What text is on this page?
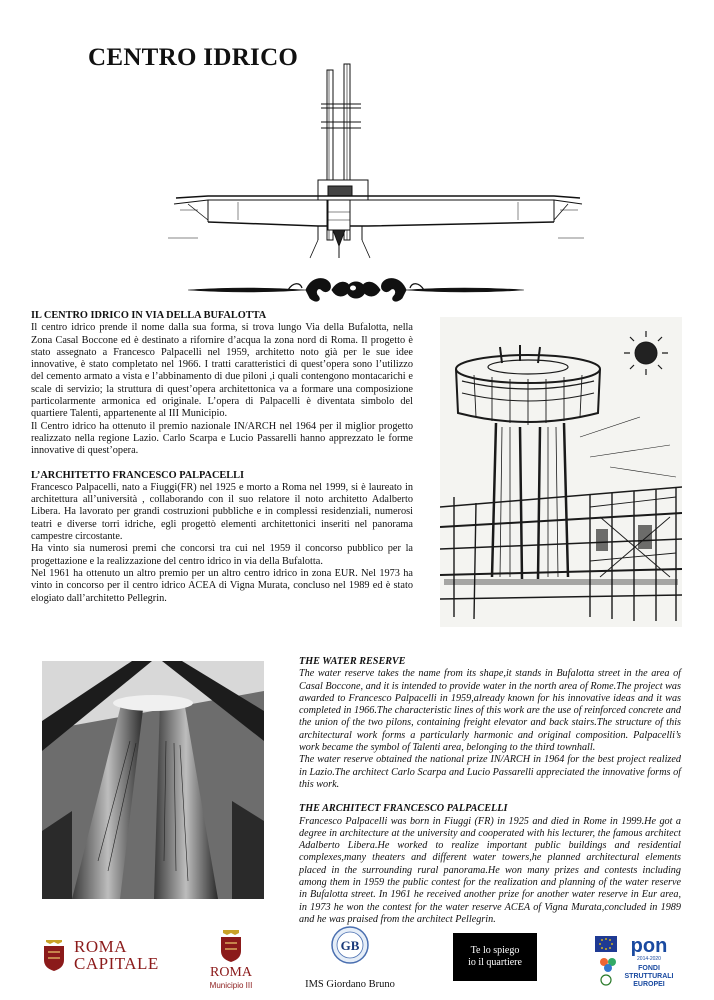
CENTRO IDRICO
IL CENTRO IDRICO IN VIA DELLA BUFALOTTA

Il centro idrico prende il nome dalla sua forma, si trova lungo Via della Bufalotta, nella Zona Casal Boccone ed è destinato a rifornire d’acqua la zona nord di Roma. Il progetto è stato assegnato a Francesco Palpacelli nel 1959, architetto noto già per le sue idee innovative, è stato completato nel 1966. I tratti caratteristici di quest’opera sono l’utilizzo del cemento armato a vista e l’abbinamento di due piloni ,i quali contengono montacarichi e scale di servizio; la struttura di quest’opera architettonica va a formare una composizione particolarmente armonica ed originale. L’opera di Palpacelli è diventata simbolo del quartiere Talenti, appartenente al III Municipio.

Il Centro idrico ha ottenuto il premio nazionale IN/ARCH nel 1964 per il miglior progetto realizzato nella regione Lazio. Carlo Scarpa e Lucio Passarelli hanno apprezzato le forme innovative di quest’opera.

L’ARCHITETTO FRANCESCO PALPACELLI

Francesco Palpacelli, nato a Fiuggi(FR) nel 1925 e morto a Roma nel 1999, si è laureato in architettura all’università , collaborando con il suo relatore il noto architetto Adalberto Libera. Ha lavorato per grandi costruzioni pubbliche e in complessi residenziali, numerosi teatri e diverse torri idriche, egli progettò elementi architettonici inseriti nel panorama campestre circostante.

Ha vinto sia numerosi premi che concorsi tra cui nel 1959 il concorso pubblico per la progettazione e la realizzazione del centro idrico in via della Bufalotta.

Nel 1961 ha ottenuto un altro premio per un altro centro idrico in zona EUR. Nel 1973 ha vinto in concorso per il centro idrico ACEA di Vigna Murata, concluso nel 1989 ed è stato elogiato dall’architetto Pellegrin.

THE WATER RESERVE

The water reserve takes the name from its shape,it stands in Bufalotta street in the area of Casal Boccone, and it is intended to provide water in the north area of Rome.The project was awarded to Francesco Palpacelli in 1959,already known for his innovative ideas and it was completed in 1966.The characteristic lines of this work are the use of reinforced concrete and the union of the two pilons, containing freight elevator and back stairs.The structure of this architectural work forms a particularly harmonic and original composition. Palpacelli’s work became the symbol of Talenti area, belonging to the third townhall.

The water reserve obtained the national prize IN/ARCH in 1964 for the best project realized in Lazio.The architect Carlo Scarpa and Lucio Passarelli appreciated the innovative forms of this work.

THE ARCHITECT FRANCESCO PALPACELLI

Francesco Palpacelli was born in Fiuggi (FR) in 1925 and died in Rome in 1999.He got a degree in architecture at the university and cooperated with his lecturer, the famous architect Adalberto Libera.He worked to realize important public buildings and residential complexes,many theaters and different water towers,he planned architectural elements placed in the surrounding rural panorama.He won many prizes and contests including among them in 1959 the public contest for the realization and planning of the water reserve in Bufalotta street. In 1961 he received another prize for another water reserve in Eur area, in 1973 he won the contest for the water reserve ACEA of Vigna Murata,concluded in 1989 and he was praised from the architect Pellegrin.

ROMA
CAPITALE	ROMA
Municipio III
GB
IMS Giordano Bruno
Te lo spiego
io il quartiere
pon
2014-2020
FONDI
STRUTTURALI
EUROPEI
